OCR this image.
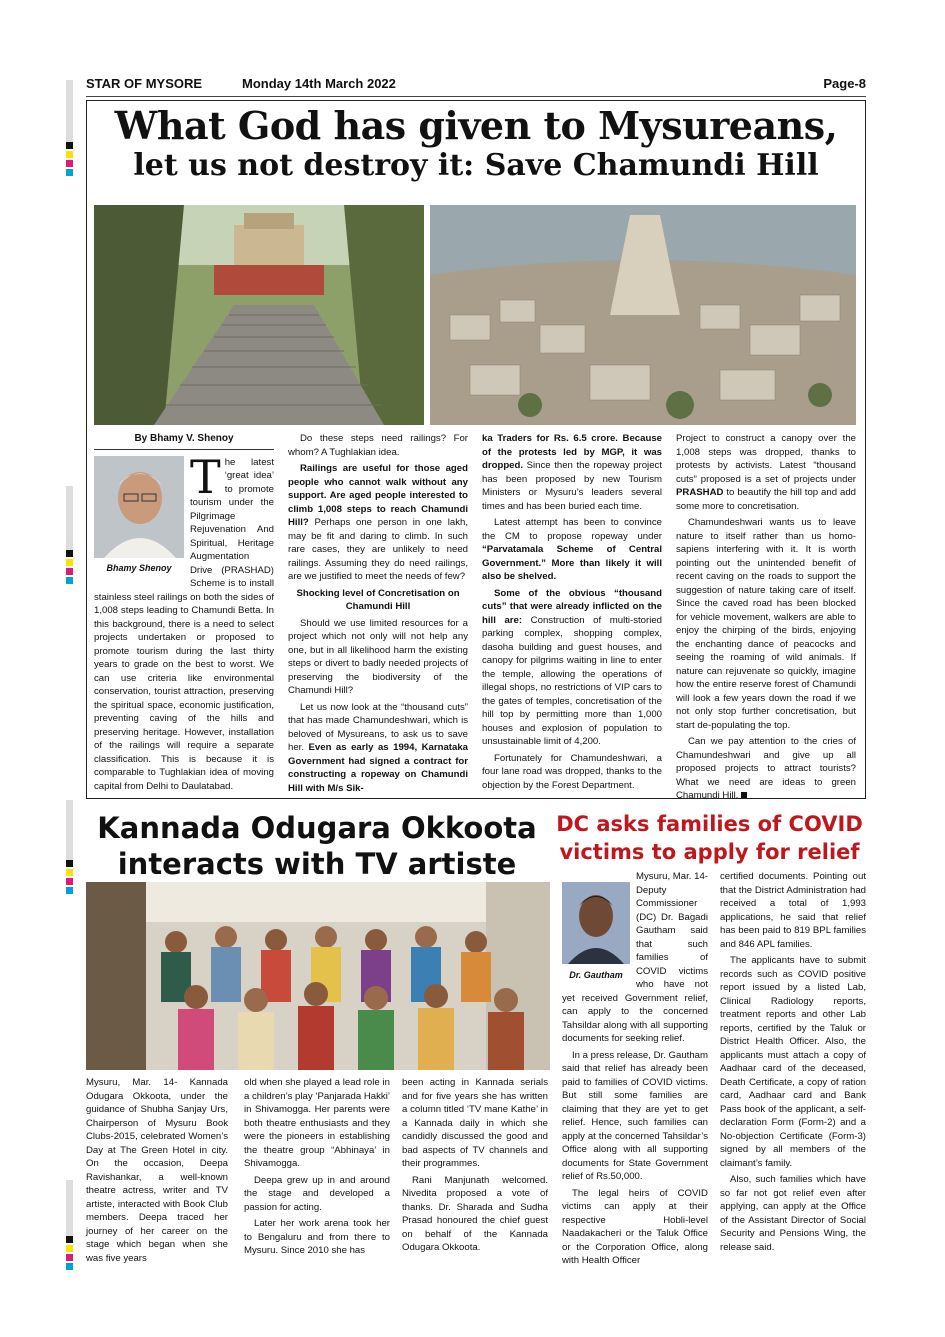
STAR OF MYSORE	Monday 14th March 2022	Page-8
What God has given to Mysureans,
let us not destroy it: Save Chamundi Hill
By Bhamy V. Shenoy
Bhamy Shenoy

The latest ‘great idea’ to promote tourism under the Pilgrimage Rejuvenation And Spiritual, Heritage Augmentation Drive (PRASHAD) Scheme is to install stainless steel railings on both the sides of 1,008 steps leading to Chamundi Betta. In this background, there is a need to select projects undertaken or proposed to promote tourism during the last thirty years to grade on the best to worst. We can use criteria like environmental conservation, tourist attraction, preserving the spiritual space, economic justification, preventing caving of the hills and preserving heritage. However, installation of the railings will require a separate classification. This is because it is comparable to Tughlakian idea of moving capital from Delhi to Daulatabad.

Do these steps need railings? For whom? A Tughlakian idea.

Railings are useful for those aged people who cannot walk without any support. Are aged people interested to climb 1,008 steps to reach Chamundi Hill? Perhaps one person in one lakh, may be fit and daring to climb. In such rare cases, they are unlikely to need railings. Assuming they do need railings, are we justified to meet the needs of few?

Shocking level of Concretisation on Chamundi Hill

Should we use limited resources for a project which not only will not help any one, but in all likelihood harm the existing steps or divert to badly needed projects of preserving the biodiversity of the Chamundi Hill?

Let us now look at the “thousand cuts” that has made Chamundeshwari, which is beloved of Mysureans, to ask us to save her. Even as early as 1994, Karnataka Government had signed a contract for constructing a ropeway on Chamundi Hill with M/s Sik-

ka Traders for Rs. 6.5 crore. Because of the protests led by MGP, it was dropped. Since then the ropeway project has been proposed by new Tourism Ministers or Mysuru’s leaders several times and has been buried each time.

Latest attempt has been to convince the CM to propose ropeway under “Parvatamala Scheme of Central Government.” More than likely it will also be shelved.

Some of the obvious “thousand cuts” that were already inflicted on the hill are: Construction of multi-storied parking complex, shopping complex, dasoha building and guest houses, and canopy for pilgrims waiting in line to enter the temple, allowing the operations of illegal shops, no restrictions of VIP cars to the gates of temples, concretisation of the hill top by permitting more than 1,000 houses and explosion of population to unsustainable limit of 4,200.

Fortunately for Chamundeshwari, a four lane road was dropped, thanks to the objection by the Forest Department.

Project to construct a canopy over the 1,008 steps was dropped, thanks to protests by activists. Latest “thousand cuts” proposed is a set of projects under PRASHAD to beautify the hill top and add some more to concretisation.

Chamundeshwari wants us to leave nature to itself rather than us homo-sapiens interfering with it. It is worth pointing out the unintended benefit of recent caving on the roads to support the suggestion of nature taking care of itself. Since the caved road has been blocked for vehicle movement, walkers are able to enjoy the chirping of the birds, enjoying the enchanting dance of peacocks and seeing the roaming of wild animals. If nature can rejuvenate so quickly, imagine how the entire reserve forest of Chamundi will look a few years down the road if we not only stop further concretisation, but start de-populating the top.

Can we pay attention to the cries of Chamundeshwari and give up all proposed projects to attract tourists? What we need are ideas to green Chamundi Hill.

Kannada Odugara Okkoota
interacts with TV artiste

Mysuru, Mar. 14- Kannada Odugara Okkoota, under the guidance of Shubha Sanjay Urs, Chairperson of Mysuru Book Clubs-2015, celebrated Women’s Day at The Green Hotel in city. On the occasion, Deepa Ravishankar, a well-known theatre actress, writer and TV artiste, interacted with Book Club members. Deepa traced her journey of her career on the stage which began when she was five years

old when she played a lead role in a children’s play ‘Panjarada Hakki’ in Shivamogga. Her parents were both theatre enthusiasts and they were the pioneers in establishing the theatre group “Abhinaya’ in Shivamogga.

Deepa grew up in and around the stage and developed a passion for acting.

Later her work arena took her to Bengaluru and from there to Mysuru. Since 2010 she has

been acting in Kannada serials and for five years she has written a column titled ‘TV mane Kathe’ in a Kannada daily in which she candidly discussed the good and bad aspects of TV channels and their programmes.

Rani Manjunath welcomed. Nivedita proposed a vote of thanks. Dr. Sharada and Sudha Prasad honoured the chief guest on behalf of the Kannada Odugara Okkoota.

DC asks families of COVID
victims to apply for relief
Dr. Gautham

Mysuru, Mar. 14- Deputy Commissioner (DC) Dr. Bagadi Gautham said that such families of COVID victims who have not yet received Government relief, can apply to the concerned Tahsildar along with all supporting documents for seeking relief.

In a press release, Dr. Gautham said that relief has already been paid to families of COVID victims. But still some families are claiming that they are yet to get relief. Hence, such families can apply at the concerned Tahsildar’s Office along with all supporting documents for State Government relief of Rs.50,000.

The legal heirs of COVID victims can apply at their respective Hobli-level Naadakacheri or the Taluk Office or the Corporation Office, along with Health Officer

certified documents. Pointing out that the District Administration had received a total of 1,993 applications, he said that relief has been paid to 819 BPL families and 846 APL families.

The applicants have to submit records such as COVID positive report issued by a listed Lab, Clinical Radiology reports, treatment reports and other Lab reports, certified by the Taluk or District Health Officer. Also, the applicants must attach a copy of Aadhaar card of the deceased, Death Certificate, a copy of ration card, Aadhaar card and Bank Pass book of the applicant, a self-declaration Form (Form-2) and a No-objection Certificate (Form-3) signed by all members of the claimant’s family.

Also, such families which have so far not got relief even after applying, can apply at the Office of the Assistant Director of Social Security and Pensions Wing, the release said.
